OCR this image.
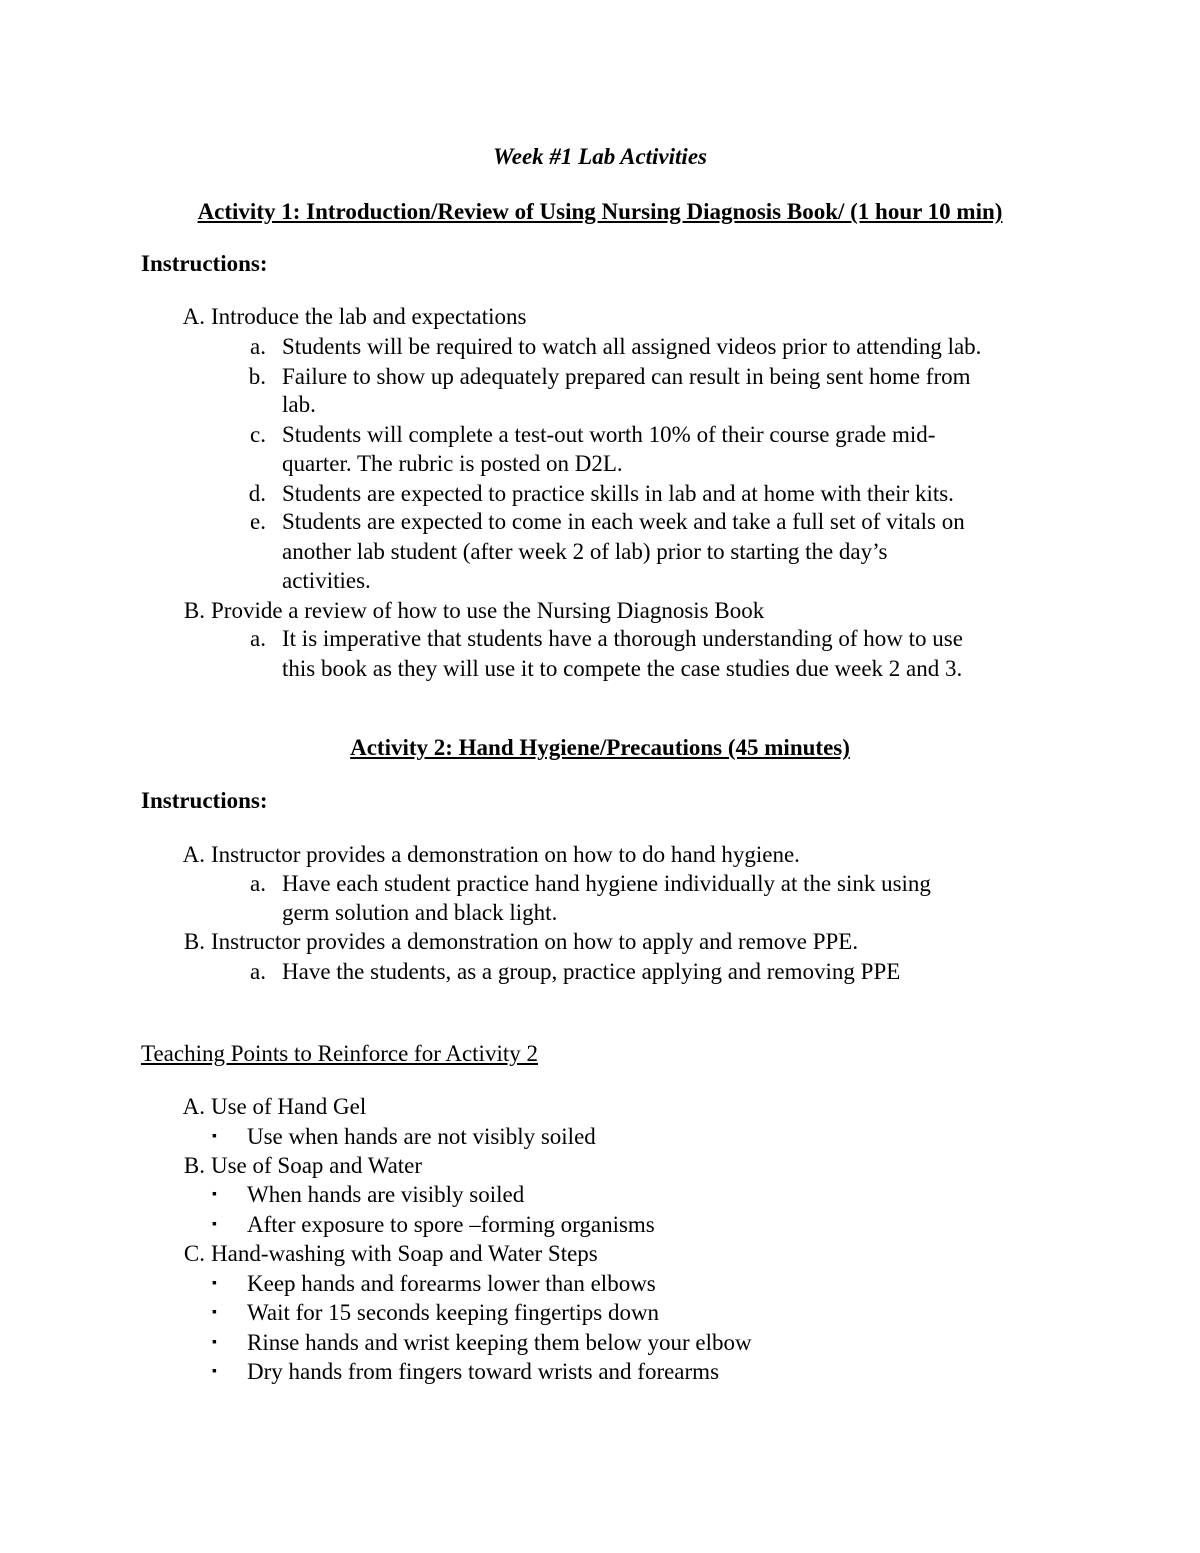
Week #1 Lab Activities
Activity 1: Introduction/Review of Using Nursing Diagnosis Book/ (1 hour 10 min)
Instructions:
A. Introduce the lab and expectations
a. Students will be required to watch all assigned videos prior to attending lab.
b. Failure to show up adequately prepared can result in being sent home from
lab.
c. Students will complete a test-out worth 10% of their course grade mid-
quarter. The rubric is posted on D2L.
d. Students are expected to practice skills in lab and at home with their kits.
e. Students are expected to come in each week and take a full set of vitals on
another lab student (after week 2 of lab) prior to starting the day’s
activities.
B. Provide a review of how to use the Nursing Diagnosis Book
a. It is imperative that students have a thorough understanding of how to use
this book as they will use it to compete the case studies due week 2 and 3.
Activity 2: Hand Hygiene/Precautions (45 minutes)
Instructions:
A. Instructor provides a demonstration on how to do hand hygiene.
a. Have each student practice hand hygiene individually at the sink using
germ solution and black light.
B. Instructor provides a demonstration on how to apply and remove PPE.
a. Have the students, as a group, practice applying and removing PPE
Teaching Points to Reinforce for Activity 2
A. Use of Hand Gel
▪ Use when hands are not visibly soiled
B. Use of Soap and Water
▪ When hands are visibly soiled
▪ After exposure to spore –forming organisms
C. Hand-washing with Soap and Water Steps
▪ Keep hands and forearms lower than elbows
▪ Wait for 15 seconds keeping fingertips down
▪ Rinse hands and wrist keeping them below your elbow
▪ Dry hands from fingers toward wrists and forearms
